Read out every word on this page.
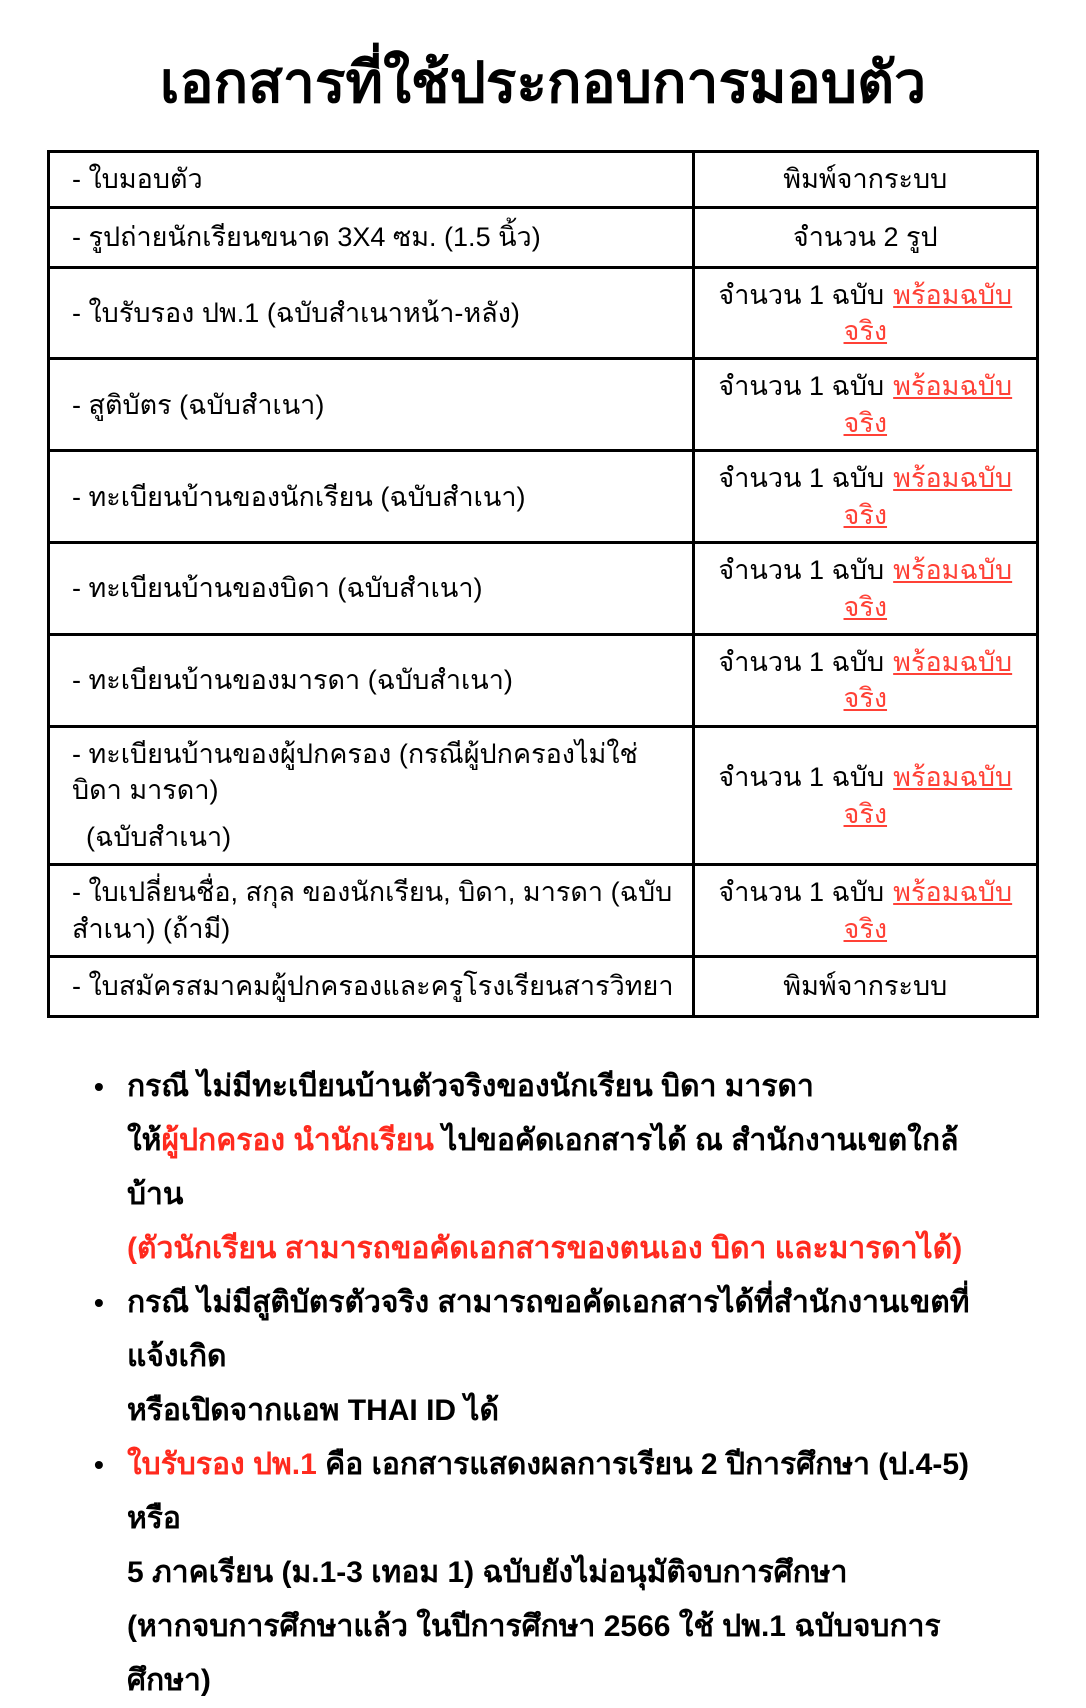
เอกสารที่ใช้ประกอบการมอบตัว
- ใบมอบตัว	พิมพ์จากระบบ

- รูปถ่ายนักเรียนขนาด 3X4 ซม. (1.5 นิ้ว)	จำนวน 2 รูป

- ใบรับรอง ปพ.1 (ฉบับสำเนาหน้า-หลัง)	จำนวน 1 ฉบับ พร้อมฉบับจริง

- สูติบัตร (ฉบับสำเนา)	จำนวน 1 ฉบับ พร้อมฉบับจริง

- ทะเบียนบ้านของนักเรียน (ฉบับสำเนา)	จำนวน 1 ฉบับ พร้อมฉบับจริง

- ทะเบียนบ้านของบิดา (ฉบับสำเนา)	จำนวน 1 ฉบับ พร้อมฉบับจริง

- ทะเบียนบ้านของมารดา (ฉบับสำเนา)	จำนวน 1 ฉบับ พร้อมฉบับจริง

- ทะเบียนบ้านของผู้ปกครอง (กรณีผู้ปกครองไม่ใช่บิดา มารดา)
(ฉบับสำเนา)	จำนวน 1 ฉบับ พร้อมฉบับจริง

- ใบเปลี่ยนชื่อ, สกุล ของนักเรียน, บิดา, มารดา (ฉบับสำเนา) (ถ้ามี)	จำนวน 1 ฉบับ พร้อมฉบับจริง

- ใบสมัครสมาคมผู้ปกครองและครูโรงเรียนสารวิทยา	พิมพ์จากระบบ
• กรณี ไม่มีทะเบียนบ้านตัวจริงของนักเรียน บิดา มารดา
ให้ผู้ปกครอง นำนักเรียน ไปขอคัดเอกสารได้ ณ สำนักงานเขตใกล้บ้าน
(ตัวนักเรียน สามารถขอคัดเอกสารของตนเอง บิดา และมารดาได้)
• กรณี ไม่มีสูติบัตรตัวจริง สามารถขอคัดเอกสารได้ที่สำนักงานเขตที่แจ้งเกิด
หรือเปิดจากแอพ THAI ID ได้
• ใบรับรอง ปพ.1 คือ เอกสารแสดงผลการเรียน 2 ปีการศึกษา (ป.4-5) หรือ
5 ภาคเรียน (ม.1-3 เทอม 1) ฉบับยังไม่อนุมัติจบการศึกษา
(หากจบการศึกษาแล้ว ในปีการศึกษา 2566 ใช้ ปพ.1 ฉบับจบการศึกษา)
